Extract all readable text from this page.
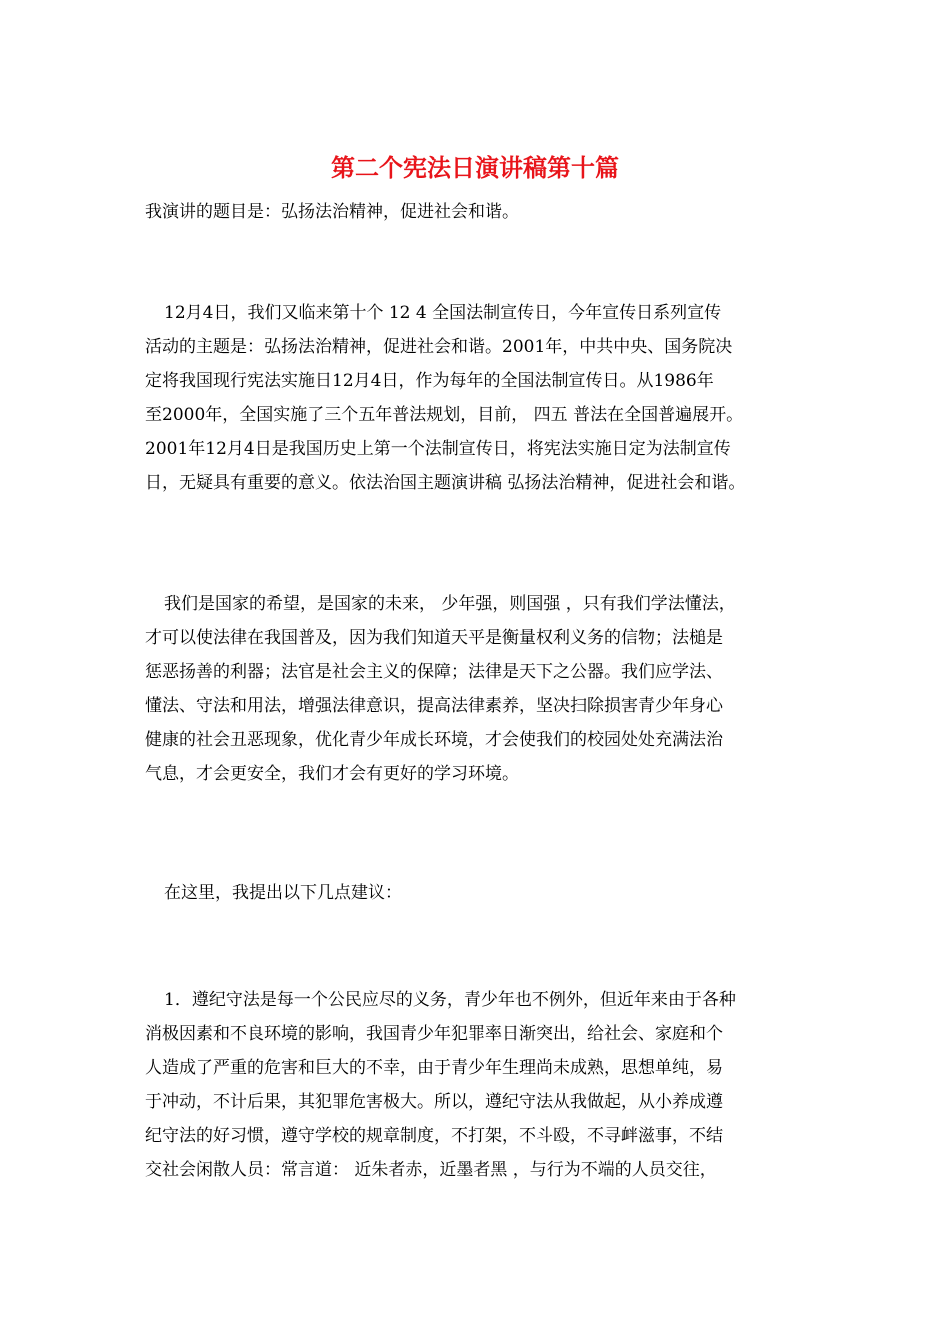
第二个宪法日演讲稿第十篇

我演讲的题目是：弘扬法治精神，促进社会和谐。

12月4日，我们又临来第十个 12 4 全国法制宣传日，今年宣传日系列宣传
活动的主题是：弘扬法治精神，促进社会和谐。2001年，中共中央、国务院决
定将我国现行宪法实施日12月4日，作为每年的全国法制宣传日。从1986年
至2000年，全国实施了三个五年普法规划，目前， 四五 普法在全国普遍展开。
2001年12月4日是我国历史上第一个法制宣传日，将宪法实施日定为法制宣传
日，无疑具有重要的意义。依法治国主题演讲稿 弘扬法治精神，促进社会和谐。

我们是国家的希望，是国家的未来， 少年强，则国强 ，只有我们学法懂法，
才可以使法律在我国普及，因为我们知道天平是衡量权利义务的信物；法槌是
惩恶扬善的利器；法官是社会主义的保障；法律是天下之公器。我们应学法、
懂法、守法和用法，增强法律意识，提高法律素养，坚决扫除损害青少年身心
健康的社会丑恶现象，优化青少年成长环境，才会使我们的校园处处充满法治
气息，才会更安全，我们才会有更好的学习环境。

在这里，我提出以下几点建议：

1．遵纪守法是每一个公民应尽的义务，青少年也不例外，但近年来由于各种
消极因素和不良环境的影响，我国青少年犯罪率日渐突出，给社会、家庭和个
人造成了严重的危害和巨大的不幸，由于青少年生理尚未成熟，思想单纯，易
于冲动，不计后果，其犯罪危害极大。所以，遵纪守法从我做起，从小养成遵
纪守法的好习惯，遵守学校的规章制度，不打架，不斗殴，不寻衅滋事，不结
交社会闲散人员：常言道： 近朱者赤，近墨者黑 ，与行为不端的人员交往，
